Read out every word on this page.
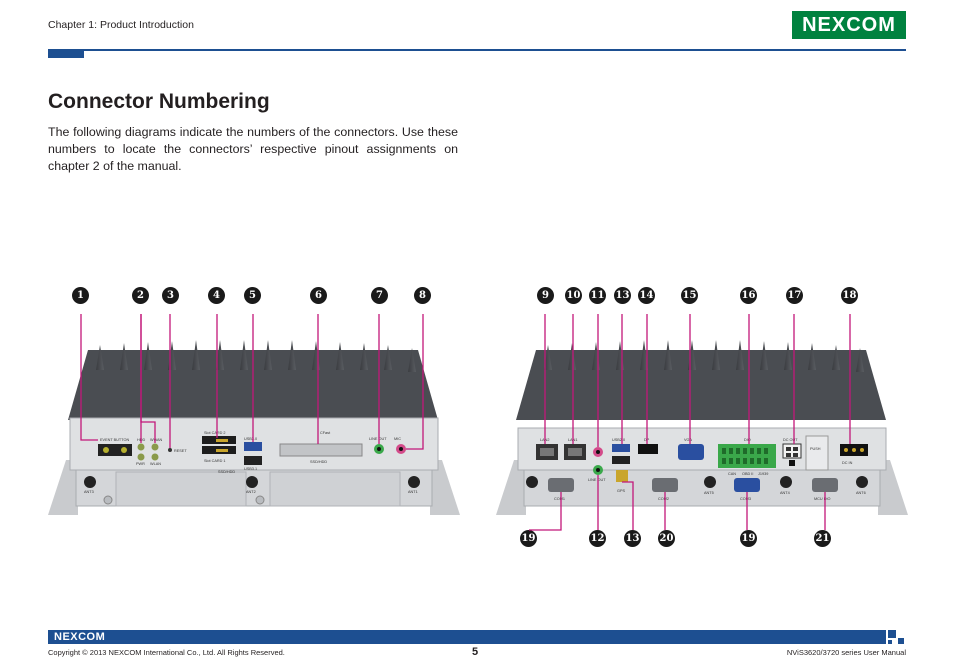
Chapter 1: Product Introduction	NEXCOM
Connector Numbering

The following diagrams indicate the numbers of the connectors. Use these numbers to locate the connectors’ respective pinout assignments on chapter 2 of the manual.

1	2	3	4	5	6	7	8	9	10 11 13 14	15	16	17	18
19	12 13 20	19	21
EVENT BUTTON HDD WWAN
PWR WLAN
RESET
Slot CARD 2
Slot CARD 1
SSD/HDD
USB3.0
USB3.1
CFast
SSD/HDD
LINE OUT MIC
ANT3	ANT2	ANT1
LAN2	LAN1
LINE OUT
USB2.0
GPS
DP	VGA	DIO
CAN OBD II J1939
DC OUT
PUSH
DC IN
COM1	COM2	COM3	MCU DIO
ANT5	ANT4	ANT6
NEXCOM
Copyright © 2013 NEXCOM International Co., Ltd. All Rights Reserved.	5	NViS3620/3720 series User Manual
